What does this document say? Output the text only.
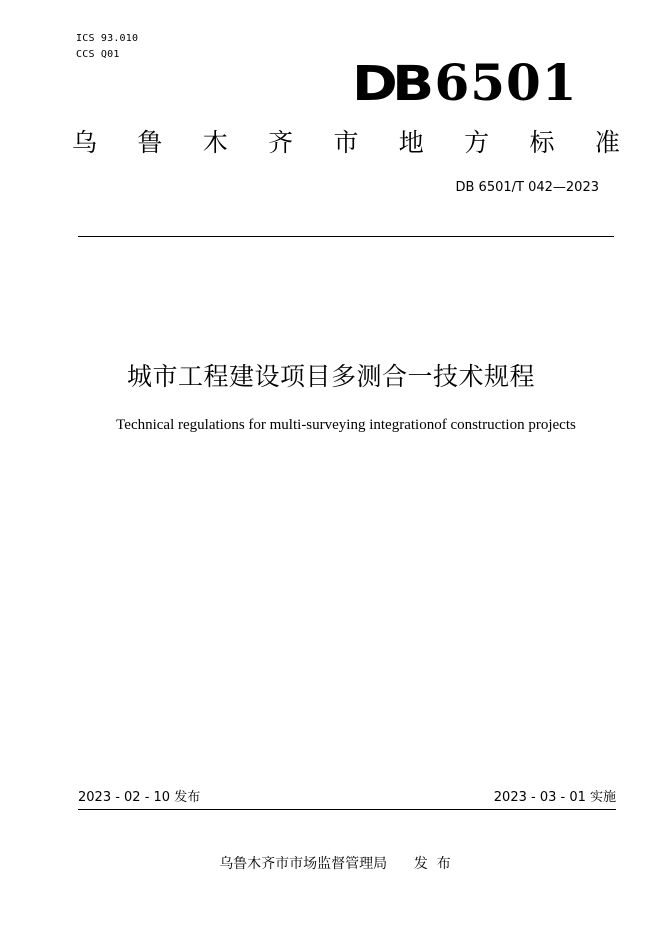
ICS 93.010
CCS Q01
DB 6501
乌 鲁 木 齐 市 地 方 标 准
DB 6501/T 042—2023
城市工程建设项目多测合一技术规程
Technical regulations for multi-surveying integrationof construction projects
2023 - 02 - 10 发布	2023 - 03 - 01 实施
乌鲁木齐市市场监督管理局 发  布
